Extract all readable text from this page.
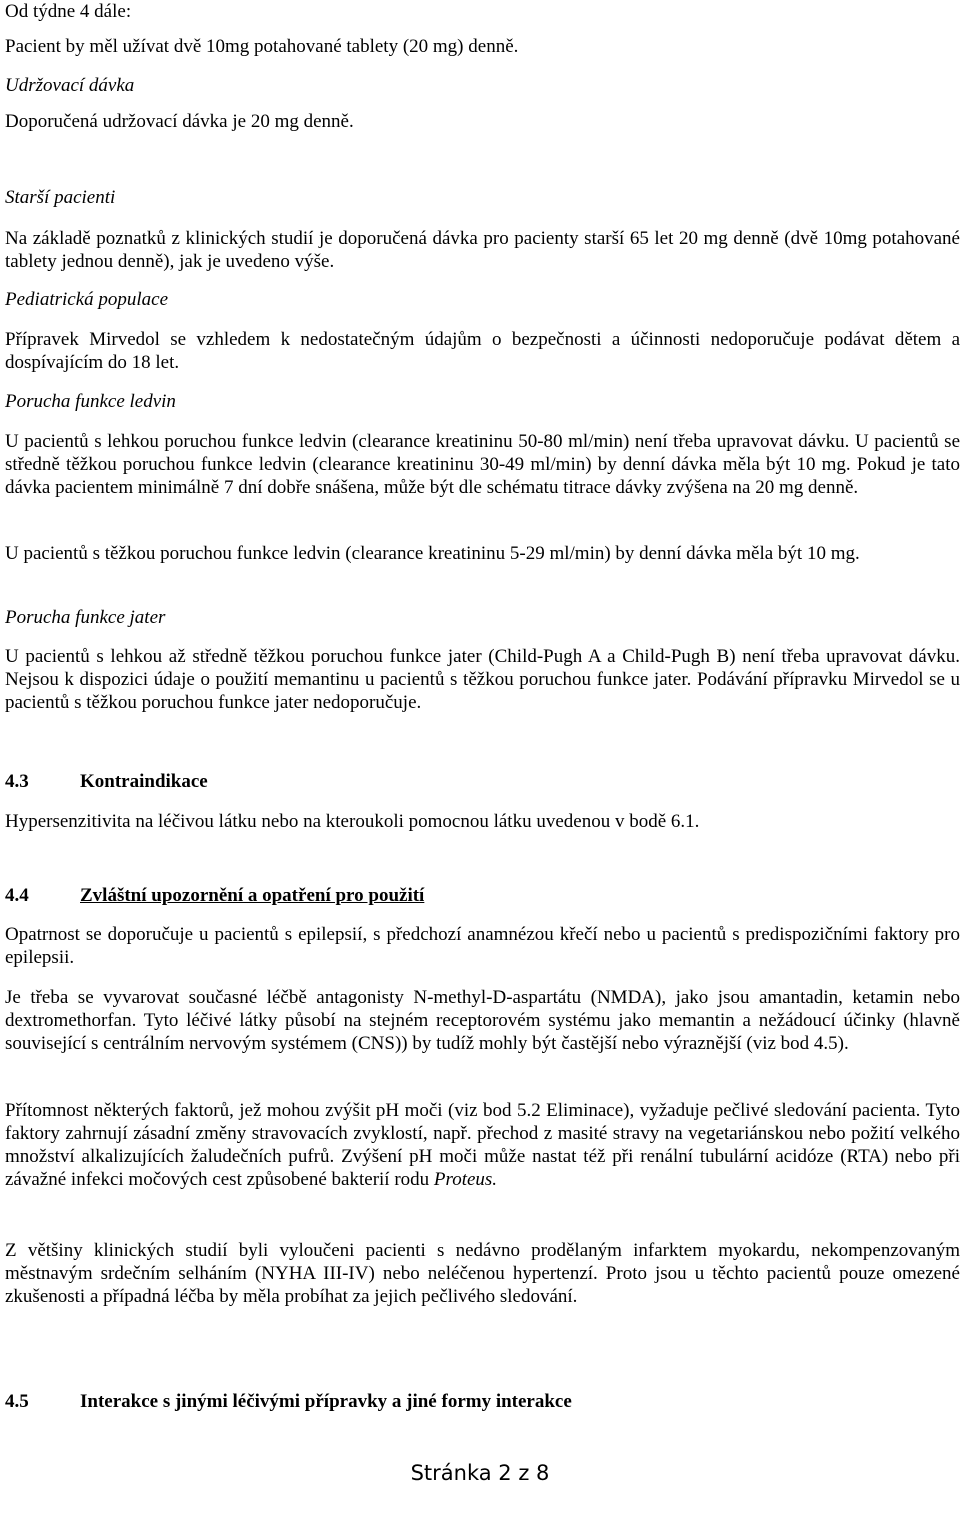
Od týdne 4 dále:

Pacient by měl užívat dvě 10mg potahované tablety (20 mg) denně.

Udržovací dávka

Doporučená udržovací dávka je 20 mg denně.

Starší pacienti

Na základě poznatků z klinických studií je doporučená dávka pro pacienty starší 65 let 20 mg denně (dvě 10mg potahované tablety jednou denně), jak je uvedeno výše.

Pediatrická populace

Přípravek Mirvedol se vzhledem k nedostatečným údajům o bezpečnosti a účinnosti nedoporučuje podávat dětem a dospívajícím do 18 let.

Porucha funkce ledvin

U pacientů s lehkou poruchou funkce ledvin (clearance kreatininu 50-80 ml/min) není třeba upravovat dávku. U pacientů se středně těžkou poruchou funkce ledvin (clearance kreatininu 30-49 ml/min) by denní dávka měla být 10 mg. Pokud je tato dávka pacientem minimálně 7 dní dobře snášena, může být dle schématu titrace dávky zvýšena na 20 mg denně.

U pacientů s těžkou poruchou funkce ledvin (clearance kreatininu 5-29 ml/min) by denní dávka měla být 10 mg.

Porucha funkce jater

U pacientů s lehkou až středně těžkou poruchou funkce jater (Child-Pugh A a Child-Pugh B) není třeba upravovat dávku. Nejsou k dispozici údaje o použití memantinu u pacientů s těžkou poruchou funkce jater. Podávání přípravku Mirvedol se u pacientů s těžkou poruchou funkce jater nedoporučuje.

4.3	Kontraindikace

Hypersenzitivita na léčivou látku nebo na kteroukoli pomocnou látku uvedenou v bodě 6.1.

4.4	Zvláštní upozornění a opatření pro použití

Opatrnost se doporučuje u pacientů s epilepsií, s předchozí anamnézou křečí nebo u pacientů s predispozičními faktory pro epilepsii.

Je třeba se vyvarovat současné léčbě antagonisty N-methyl-D-aspartátu (NMDA), jako jsou amantadin, ketamin nebo dextromethorfan. Tyto léčivé látky působí na stejném receptorovém systému jako memantin a nežádoucí účinky (hlavně související s centrálním nervovým systémem (CNS)) by tudíž mohly být častější nebo výraznější (viz bod 4.5).

Přítomnost některých faktorů, jež mohou zvýšit pH moči (viz bod 5.2 Eliminace), vyžaduje pečlivé sledování pacienta. Tyto faktory zahrnují zásadní změny stravovacích zvyklostí, např. přechod z masité stravy na vegetariánskou nebo požití velkého množství alkalizujících žaludečních pufrů. Zvýšení pH moči může nastat též při renální tubulární acidóze (RTA) nebo při závažné infekci močových cest způsobené bakterií rodu Proteus.

Z většiny klinických studií byli vyloučeni pacienti s nedávno prodělaným infarktem myokardu, nekompenzovaným městnavým srdečním selháním (NYHA III-IV) nebo neléčenou hypertenzí. Proto jsou u těchto pacientů pouze omezené zkušenosti a případná léčba by měla probíhat za jejich pečlivého sledování.

4.5	Interakce s jinými léčivými přípravky a jiné formy interakce

Stránka 2 z 8
